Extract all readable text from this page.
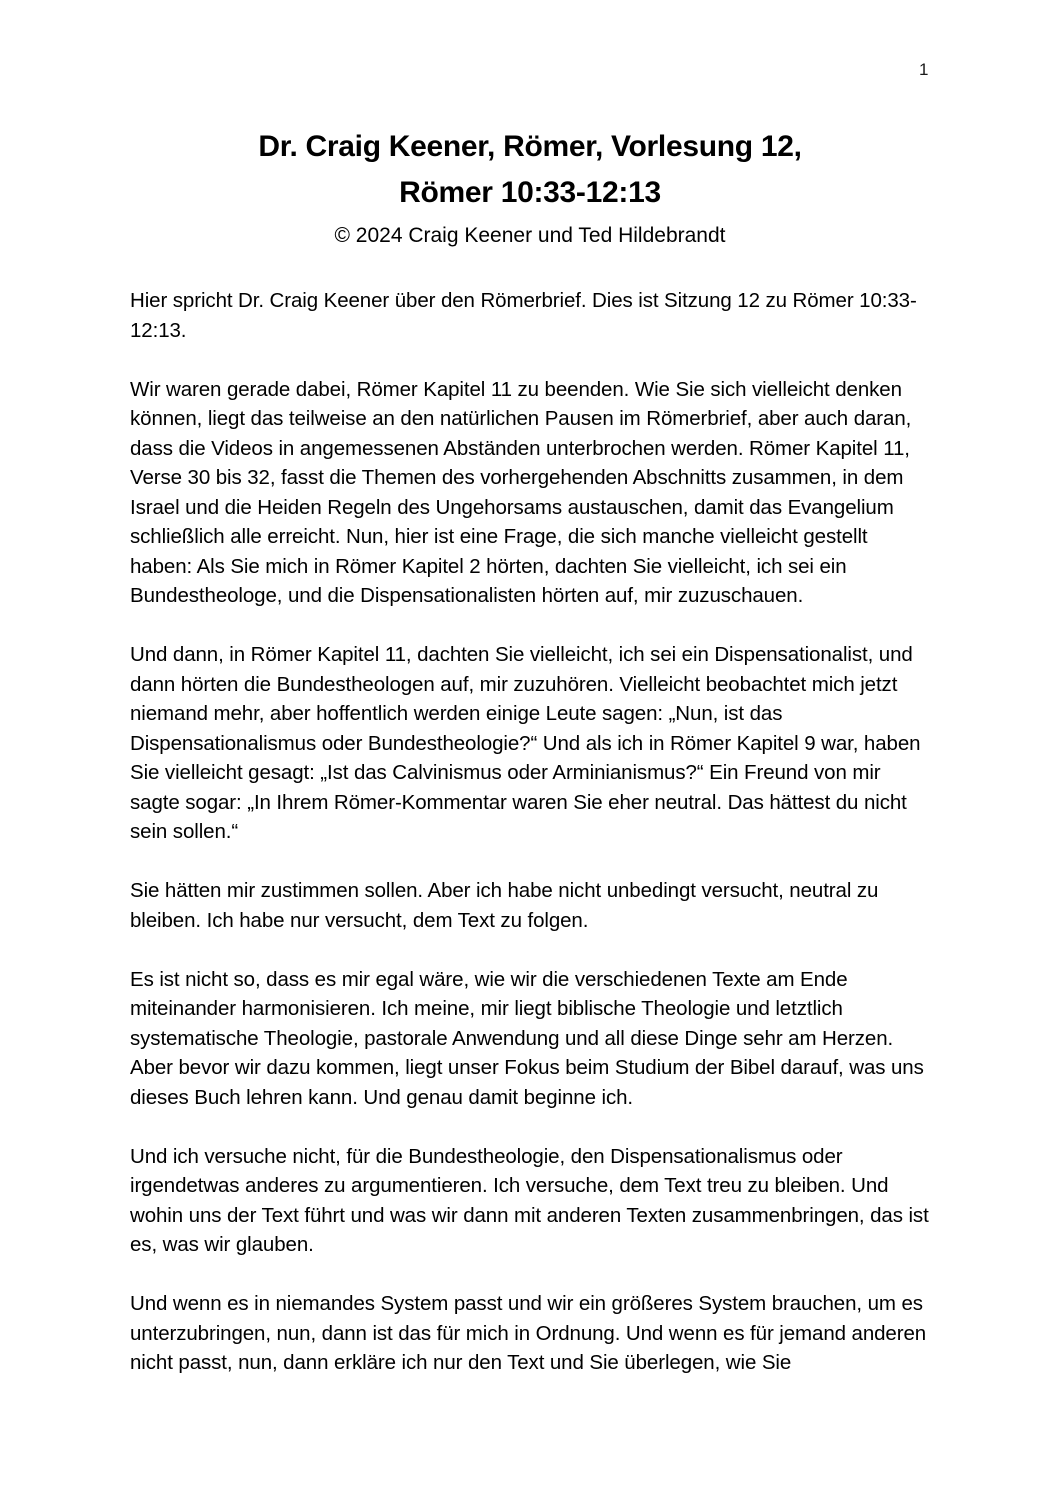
1
Dr. Craig Keener, Römer, Vorlesung 12,
Römer 10:33-12:13
© 2024 Craig Keener und Ted Hildebrandt

Hier spricht Dr. Craig Keener über den Römerbrief. Dies ist Sitzung 12 zu Römer 10:33-12:13.

Wir waren gerade dabei, Römer Kapitel 11 zu beenden. Wie Sie sich vielleicht denken können, liegt das teilweise an den natürlichen Pausen im Römerbrief, aber auch daran, dass die Videos in angemessenen Abständen unterbrochen werden. Römer Kapitel 11, Verse 30 bis 32, fasst die Themen des vorhergehenden Abschnitts zusammen, in dem Israel und die Heiden Regeln des Ungehorsams austauschen, damit das Evangelium schließlich alle erreicht. Nun, hier ist eine Frage, die sich manche vielleicht gestellt haben: Als Sie mich in Römer Kapitel 2 hörten, dachten Sie vielleicht, ich sei ein Bundestheologe, und die Dispensationalisten hörten auf, mir zuzuschauen.

Und dann, in Römer Kapitel 11, dachten Sie vielleicht, ich sei ein Dispensationalist, und dann hörten die Bundestheologen auf, mir zuzuhören. Vielleicht beobachtet mich jetzt niemand mehr, aber hoffentlich werden einige Leute sagen: „Nun, ist das Dispensationalismus oder Bundestheologie?“ Und als ich in Römer Kapitel 9 war, haben Sie vielleicht gesagt: „Ist das Calvinismus oder Arminianismus?“ Ein Freund von mir sagte sogar: „In Ihrem Römer-Kommentar waren Sie eher neutral. Das hättest du nicht sein sollen.“

Sie hätten mir zustimmen sollen. Aber ich habe nicht unbedingt versucht, neutral zu bleiben. Ich habe nur versucht, dem Text zu folgen.

Es ist nicht so, dass es mir egal wäre, wie wir die verschiedenen Texte am Ende miteinander harmonisieren. Ich meine, mir liegt biblische Theologie und letztlich systematische Theologie, pastorale Anwendung und all diese Dinge sehr am Herzen. Aber bevor wir dazu kommen, liegt unser Fokus beim Studium der Bibel darauf, was uns dieses Buch lehren kann. Und genau damit beginne ich.

Und ich versuche nicht, für die Bundestheologie, den Dispensationalismus oder irgendetwas anderes zu argumentieren. Ich versuche, dem Text treu zu bleiben. Und wohin uns der Text führt und was wir dann mit anderen Texten zusammenbringen, das ist es, was wir glauben.

Und wenn es in niemandes System passt und wir ein größeres System brauchen, um es unterzubringen, nun, dann ist das für mich in Ordnung. Und wenn es für jemand anderen nicht passt, nun, dann erkläre ich nur den Text und Sie überlegen, wie Sie
